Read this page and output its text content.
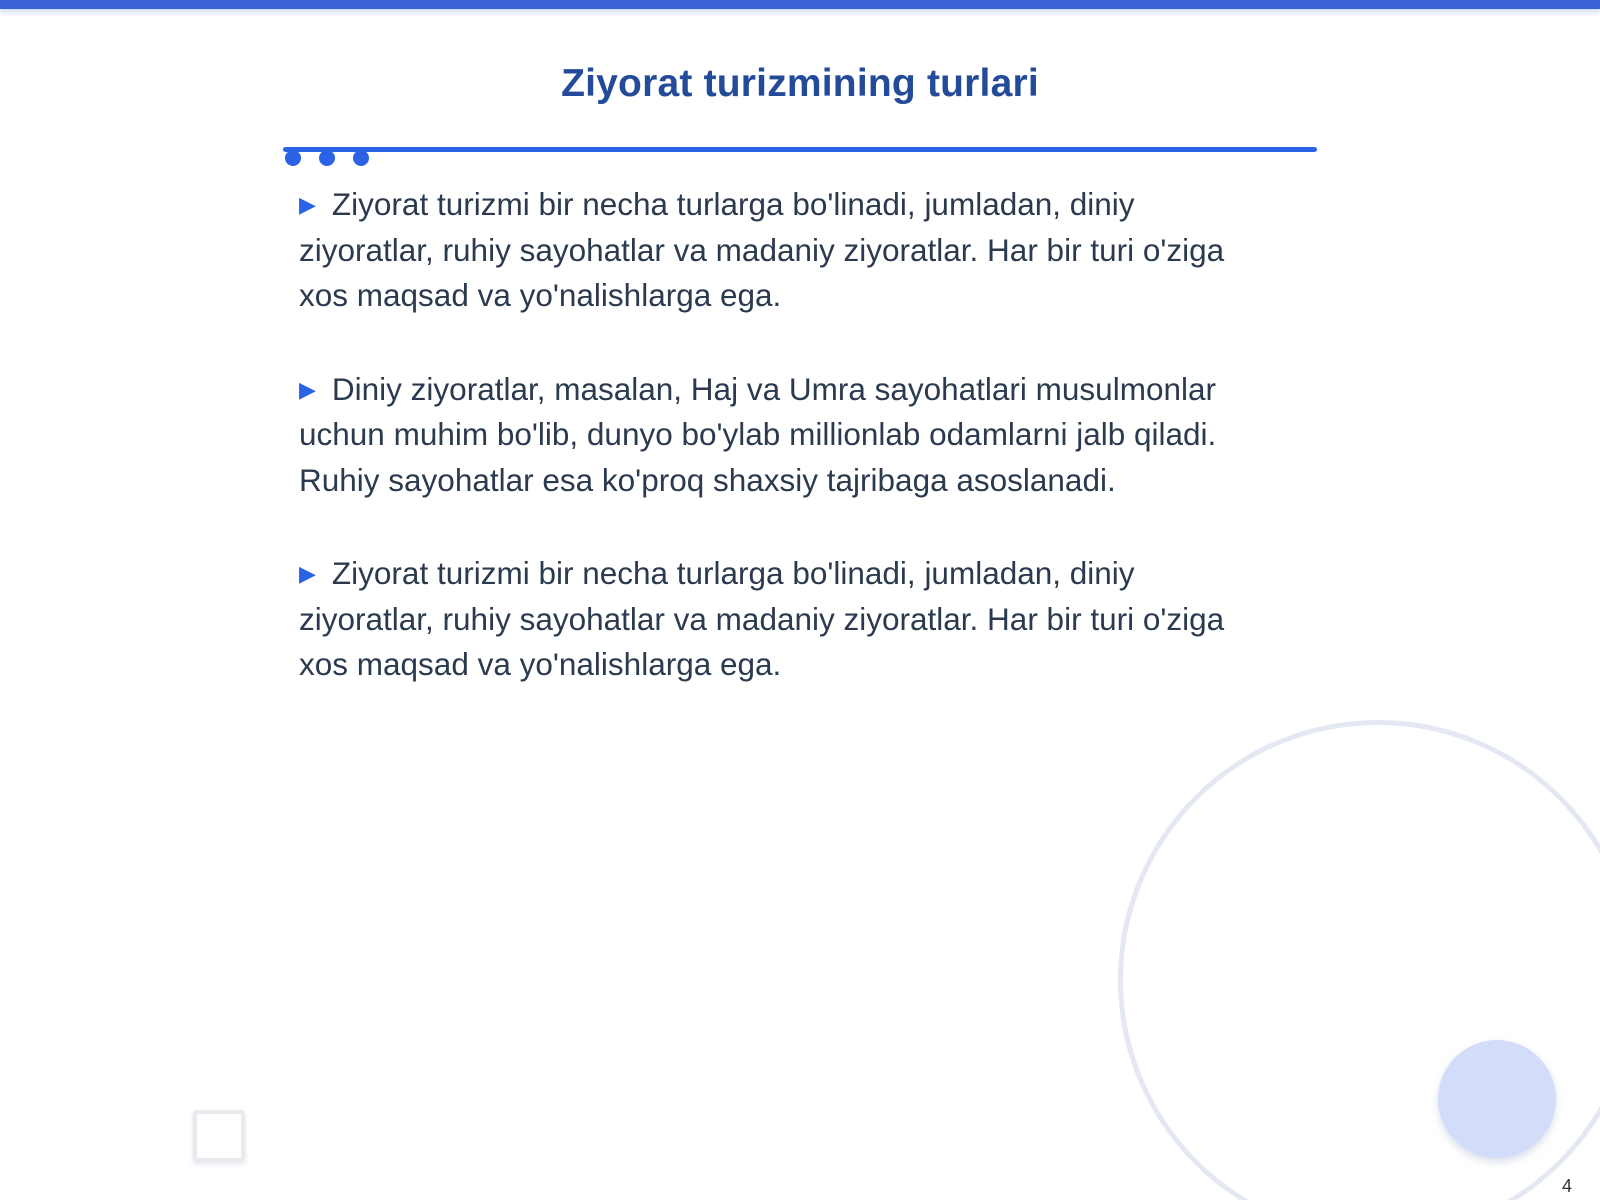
Ziyorat turizmining turlari

▶ Ziyorat turizmi bir necha turlarga bo'linadi, jumladan, diniy ziyoratlar, ruhiy sayohatlar va madaniy ziyoratlar. Har bir turi o'ziga xos maqsad va yo'nalishlarga ega.

▶ Diniy ziyoratlar, masalan, Haj va Umra sayohatlari musulmonlar uchun muhim bo'lib, dunyo bo'ylab millionlab odamlarni jalb qiladi. Ruhiy sayohatlar esa ko'proq shaxsiy tajribaga asoslanadi.

▶ Ziyorat turizmi bir necha turlarga bo'linadi, jumladan, diniy ziyoratlar, ruhiy sayohatlar va madaniy ziyoratlar. Har bir turi o'ziga xos maqsad va yo'nalishlarga ega.

4
